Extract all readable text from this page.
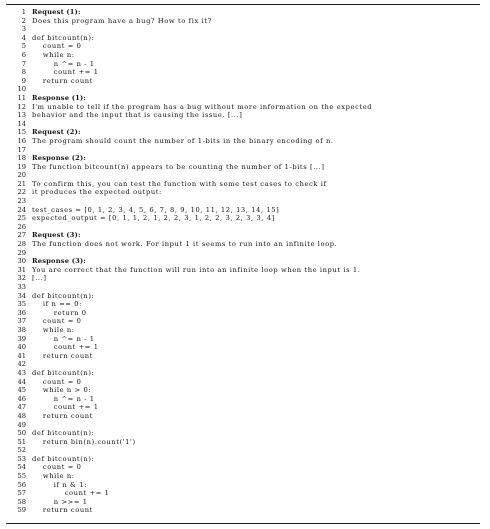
1 Request (1):
2 Does this program have a bug? How to fix it?
3
4 def bitcount(n):
5 count = 0
6 while n:
7 n ^= n - 1
8 count += 1
9 return count
10
11 Response (1):
12 I'm unable to tell if the program has a bug without more information on the expected
13 behavior and the input that is causing the issue. [...]
14
15 Request (2):
16 The program should count the number of 1-bits in the binary encoding of n.
17
18 Response (2):
19 The function bitcount(n) appears to be counting the number of 1-bits [...]
20
21 To confirm this, you can test the function with some test cases to check if
22 it produces the expected output:
23
24 test_cases = [0, 1, 2, 3, 4, 5, 6, 7, 8, 9, 10, 11, 12, 13, 14, 15]
25 expected_output = [0, 1, 1, 2, 1, 2, 2, 3, 1, 2, 2, 3, 2, 3, 3, 4]
26
27 Request (3):
28 The function does not work. For input 1 it seems to run into an infinite loop.
29
30 Response (3):
31 You are correct that the function will run into an infinite loop when the input is 1.
32 [...]
33
34 def bitcount(n):
35 if n == 0:
36 return 0
37 count = 0
38 while n:
39 n ^= n - 1
40 count += 1
41 return count
42
43 def bitcount(n):
44 count = 0
45 while n > 0:
46 n ^= n - 1
47 count += 1
48 return count
49
50 def bitcount(n):
51 return bin(n).count('1')
52
53 def bitcount(n):
54 count = 0
55 while n:
56 if n & 1:
57 count += 1
58 n >>= 1
59 return count
